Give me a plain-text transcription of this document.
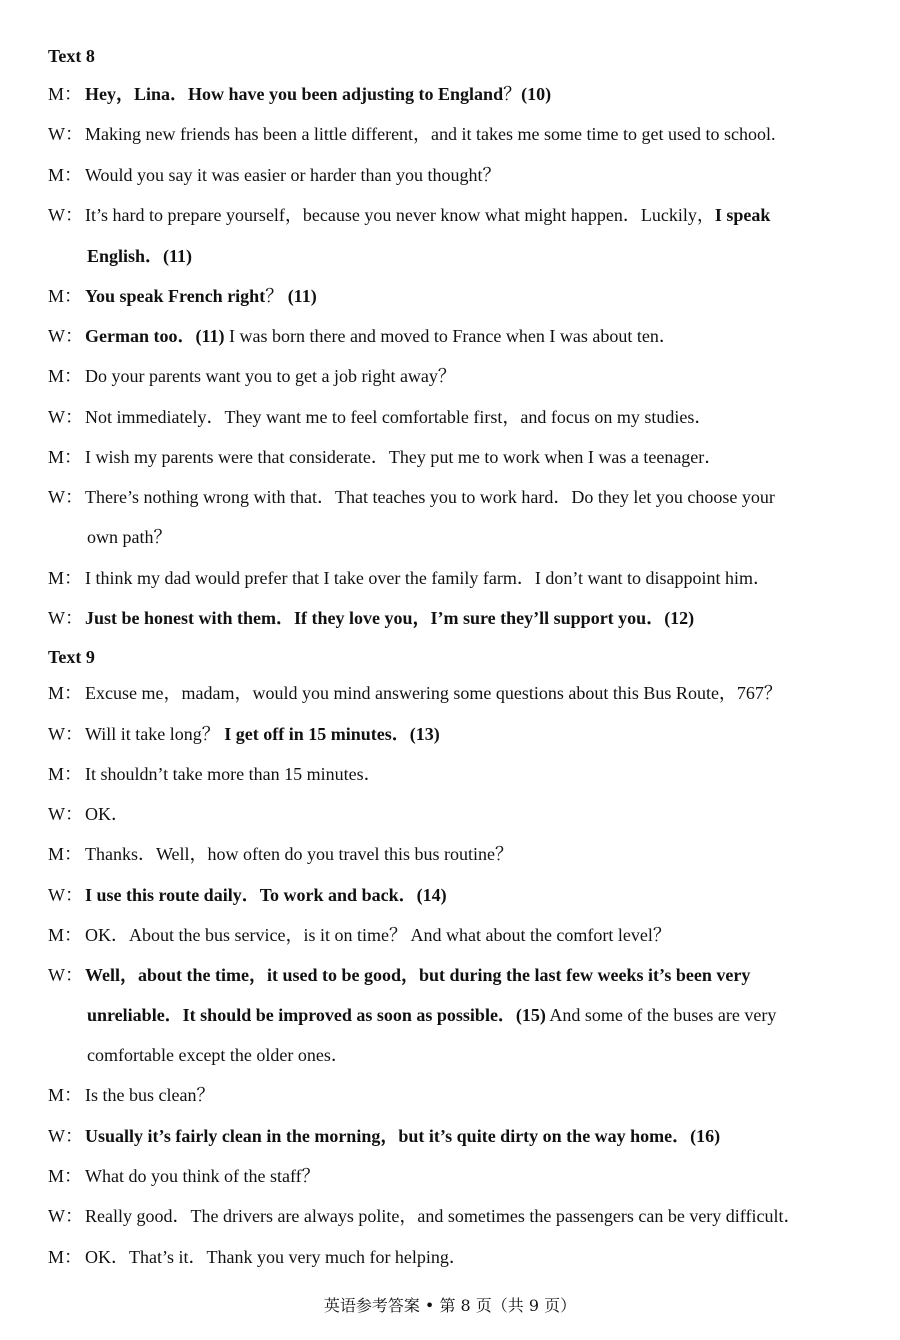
Text 8
M： Hey，Lina．How have you been adjusting to England？(10)
W： Making new friends has been a little different，and it takes me some time to get used to school.
M： Would you say it was easier or harder than you thought？
W： It’s hard to prepare yourself，because you never know what might happen．Luckily，I speak
English．(11)
M： You speak French right？ (11)
W： German too．(11) I was born there and moved to France when I was about ten．
M： Do your parents want you to get a job right away？
W： Not immediately．They want me to feel comfortable first，and focus on my studies．
M： I wish my parents were that considerate．They put me to work when I was a teenager．
W： There’s nothing wrong with that．That teaches you to work hard．Do they let you choose your
own path？
M： I think my dad would prefer that I take over the family farm．I don’t want to disappoint him．
W： Just be honest with them．If they love you，I’m sure they’ll support you．(12)
Text 9
M： Excuse me，madam，would you mind answering some questions about this Bus Route，767？
W： Will it take long？ I get off in 15 minutes．(13)
M： It shouldn’t take more than 15 minutes．
W： OK．
M： Thanks．Well，how often do you travel this bus routine？
W： I use this route daily．To work and back．(14)
M： OK．About the bus service，is it on time？ And what about the comfort level？
W： Well，about the time，it used to be good，but during the last few weeks it’s been very
unreliable．It should be improved as soon as possible．(15) And some of the buses are very
comfortable except the older ones．
M： Is the bus clean？
W： Usually it’s fairly clean in the morning，but it’s quite dirty on the way home．(16)
M： What do you think of the staff？
W： Really good．The drivers are always polite，and sometimes the passengers can be very difficult．
M： OK．That’s it．Thank you very much for helping．
英语参考答案 • 第 8 页（共 9 页）
